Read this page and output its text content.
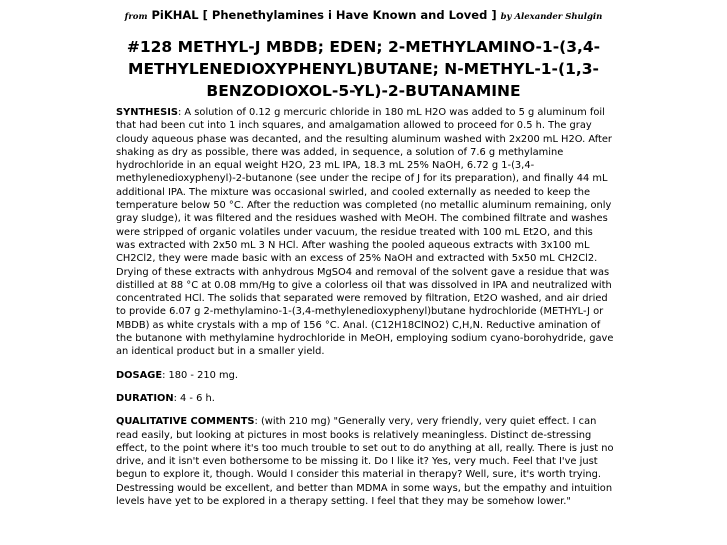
from PiKHAL [ Phenethylamines i Have Known and Loved ] by Alexander Shulgin
#128 METHYL-J MBDB; EDEN; 2-METHYLAMINO-1-(3,4-METHYLENEDIOXYPHENYL)BUTANE; N-METHYL-1-(1,3-BENZODIOXOL-5-YL)-2-BUTANAMINE

SYNTHESIS: A solution of 0.12 g mercuric chloride in 180 mL H2O was added to 5 g aluminum foil that had been cut into 1 inch squares, and amalgamation allowed to proceed for 0.5 h. The gray cloudy aqueous phase was decanted, and the resulting aluminum washed with 2x200 mL H2O. After shaking as dry as possible, there was added, in sequence, a solution of 7.6 g methylamine hydrochloride in an equal weight H2O, 23 mL IPA, 18.3 mL 25% NaOH, 6.72 g 1-(3,4-methylenedioxyphenyl)-2-butanone (see under the recipe of J for its preparation), and finally 44 mL additional IPA. The mixture was occasional swirled, and cooled externally as needed to keep the temperature below 50 °C. After the reduction was completed (no metallic aluminum remaining, only gray sludge), it was filtered and the residues washed with MeOH. The combined filtrate and washes were stripped of organic volatiles under vacuum, the residue treated with 100 mL Et2O, and this was extracted with 2x50 mL 3 N HCl. After washing the pooled aqueous extracts with 3x100 mL CH2Cl2, they were made basic with an excess of 25% NaOH and extracted with 5x50 mL CH2Cl2. Drying of these extracts with anhydrous MgSO4 and removal of the solvent gave a residue that was distilled at 88 °C at 0.08 mm/Hg to give a colorless oil that was dissolved in IPA and neutralized with concentrated HCl. The solids that separated were removed by filtration, Et2O washed, and air dried to provide 6.07 g 2-methylamino-1-(3,4-methylenedioxyphenyl)butane hydrochloride (METHYL-J or MBDB) as white crystals with a mp of 156 °C. Anal. (C12H18ClNO2) C,H,N. Reductive amination of the butanone with methylamine hydrochloride in MeOH, employing sodium cyano-borohydride, gave an identical product but in a smaller yield.

DOSAGE: 180 - 210 mg.

DURATION: 4 - 6 h.

QUALITATIVE COMMENTS: (with 210 mg) "Generally very, very friendly, very quiet effect. I can read easily, but looking at pictures in most books is relatively meaningless. Distinct de-stressing effect, to the point where it's too much trouble to set out to do anything at all, really. There is just no drive, and it isn't even bothersome to be missing it. Do I like it? Yes, very much. Feel that I've just begun to explore it, though. Would I consider this material in therapy? Well, sure, it's worth trying. Destressing would be excellent, and better than MDMA in some ways, but the empathy and intuition levels have yet to be explored in a therapy setting. I feel that they may be somehow lower."
